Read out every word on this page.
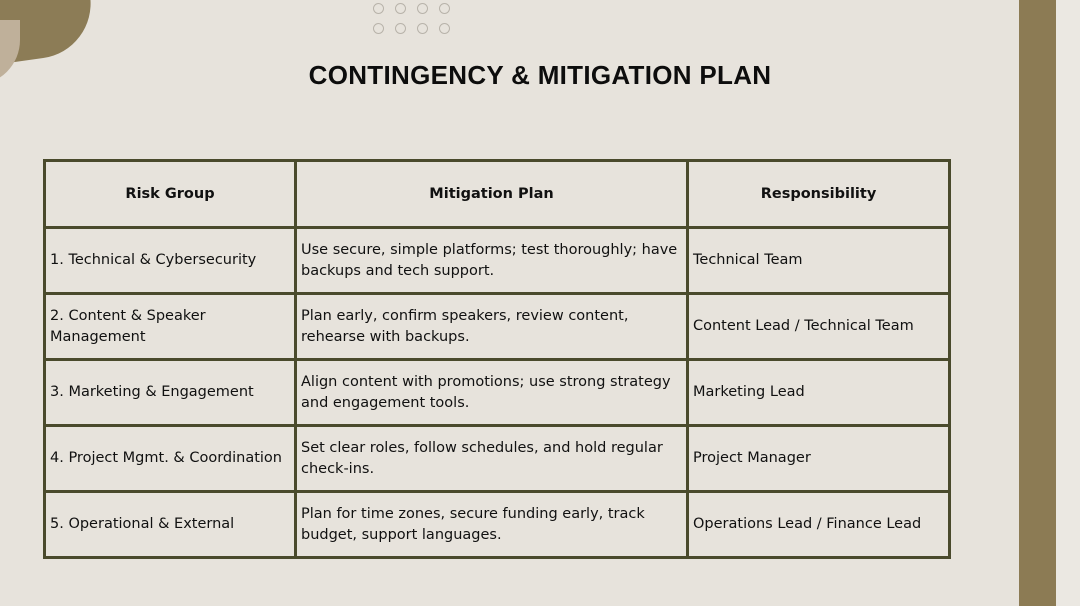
CONTINGENCY & MITIGATION PLAN
Risk Group	Mitigation Plan	Responsibility
1. Technical & Cybersecurity	Use secure, simple platforms; test thoroughly; have backups and tech support.	Technical Team
2. Content & Speaker Management	Plan early, confirm speakers, review content, rehearse with backups.	Content Lead / Technical Team
3. Marketing & Engagement	Align content with promotions; use strong strategy and engagement tools.	Marketing Lead
4. Project Mgmt. & Coordination	Set clear roles, follow schedules, and hold regular check-ins.	Project Manager
5. Operational & External	Plan for time zones, secure funding early, track budget, support languages.	Operations Lead / Finance Lead
